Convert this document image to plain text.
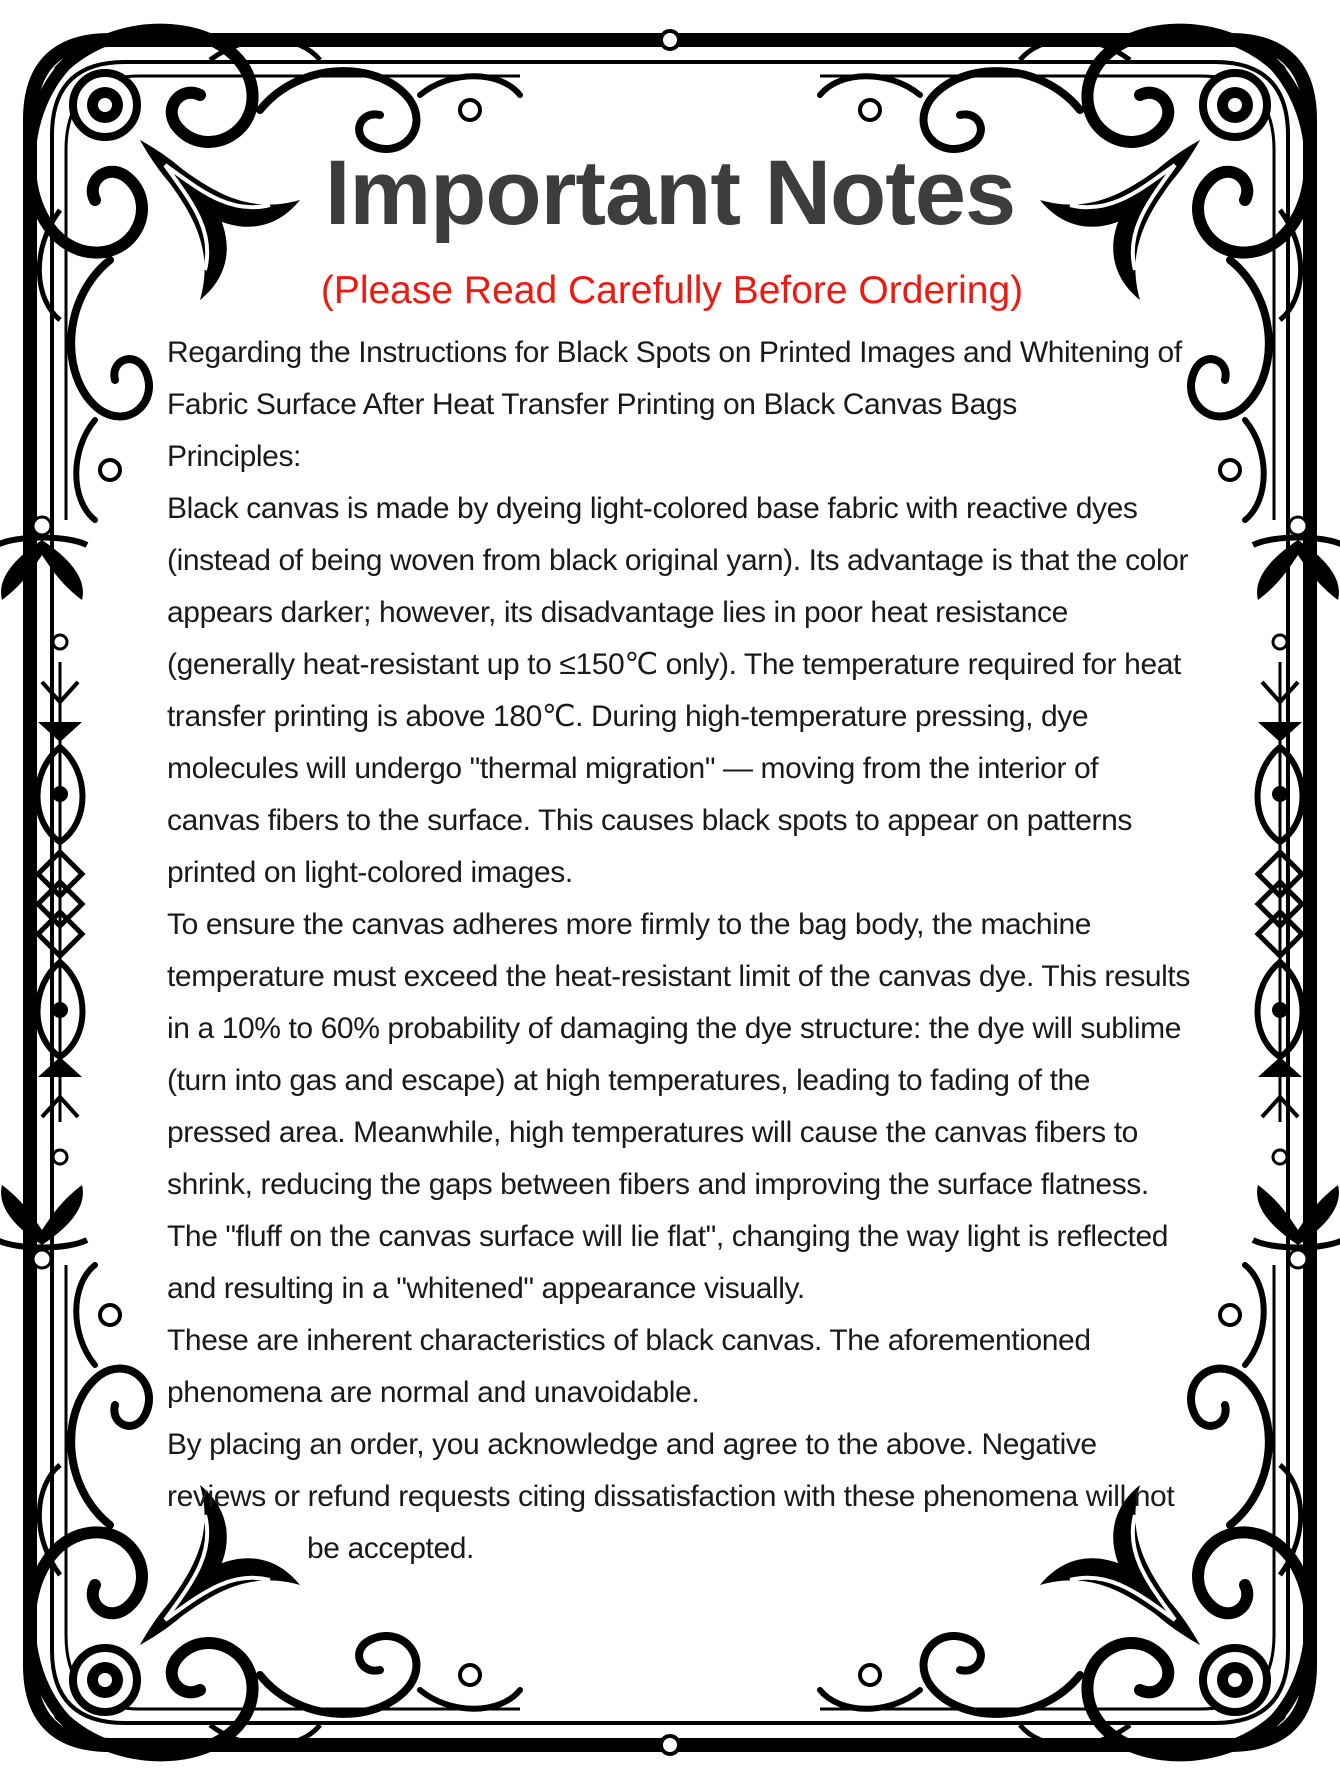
Important Notes
(Please Read Carefully Before Ordering)

Regarding the Instructions for Black Spots on Printed Images and Whitening of Fabric Surface After Heat Transfer Printing on Black Canvas Bags

Principles:

Black canvas is made by dyeing light-colored base fabric with reactive dyes (instead of being woven from black original yarn). Its advantage is that the color appears darker; however, its disadvantage lies in poor heat resistance (generally heat-resistant up to ≤150℃ only). The temperature required for heat transfer printing is above 180℃. During high-temperature pressing, dye molecules will undergo "thermal migration" — moving from the interior of canvas fibers to the surface. This causes black spots to appear on patterns printed on light-colored images.

To ensure the canvas adheres more firmly to the bag body, the machine temperature must exceed the heat-resistant limit of the canvas dye. This results in a 10% to 60% probability of damaging the dye structure: the dye will sublime (turn into gas and escape) at high temperatures, leading to fading of the pressed area. Meanwhile, high temperatures will cause the canvas fibers to shrink, reducing the gaps between fibers and improving the surface flatness. The "fluff on the canvas surface will lie flat", changing the way light is reflected and resulting in a "whitened" appearance visually.

These are inherent characteristics of black canvas. The aforementioned phenomena are normal and unavoidable.

By placing an order, you acknowledge and agree to the above. Negative reviews or refund requests citing dissatisfaction with these phenomena will not

be accepted.
